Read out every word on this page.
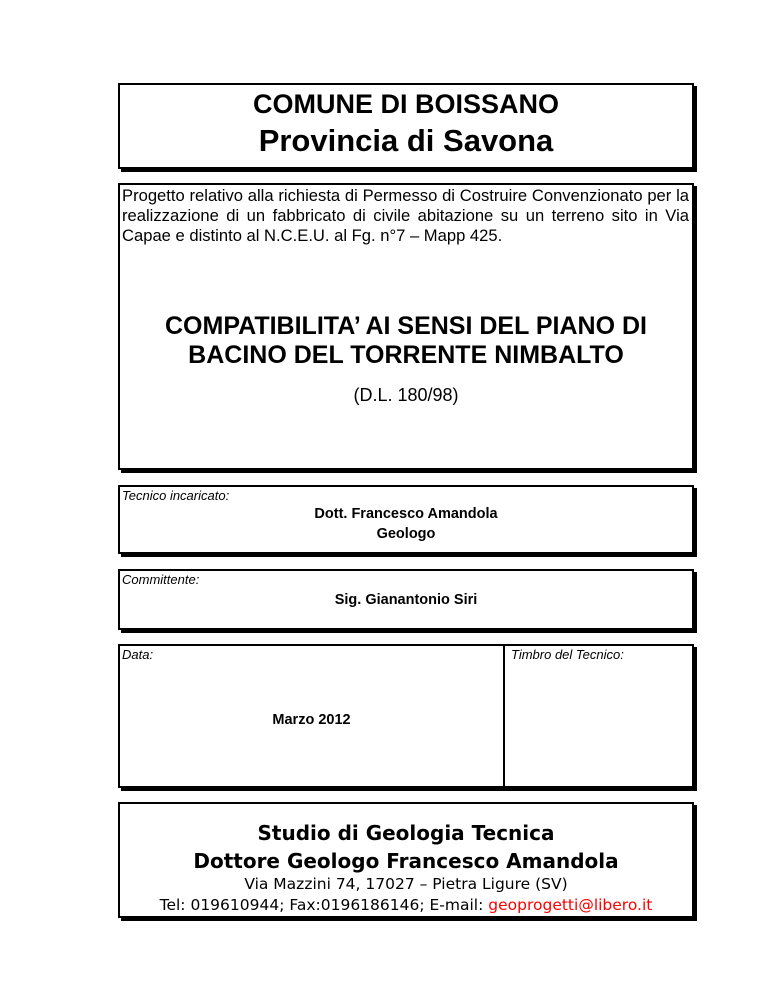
COMUNE DI BOISSANO
Provincia di Savona
Progetto relativo alla richiesta di Permesso di Costruire Convenzionato per la realizzazione di un fabbricato di civile abitazione su un terreno sito in Via Capae e distinto al N.C.E.U. al Fg. n°7 – Mapp 425.
COMPATIBILITA’ AI SENSI DEL PIANO DI
BACINO DEL TORRENTE NIMBALTO
(D.L. 180/98)
Tecnico incaricato:
Dott. Francesco Amandola
Geologo
Committente:
Sig. Gianantonio Siri
Data:
Marzo 2012
Timbro del Tecnico:
Studio di Geologia Tecnica
Dottore Geologo Francesco Amandola
Via Mazzini 74, 17027 – Pietra Ligure (SV)
Tel: 019610944; Fax:0196186146; E-mail: geoprogetti@libero.it
